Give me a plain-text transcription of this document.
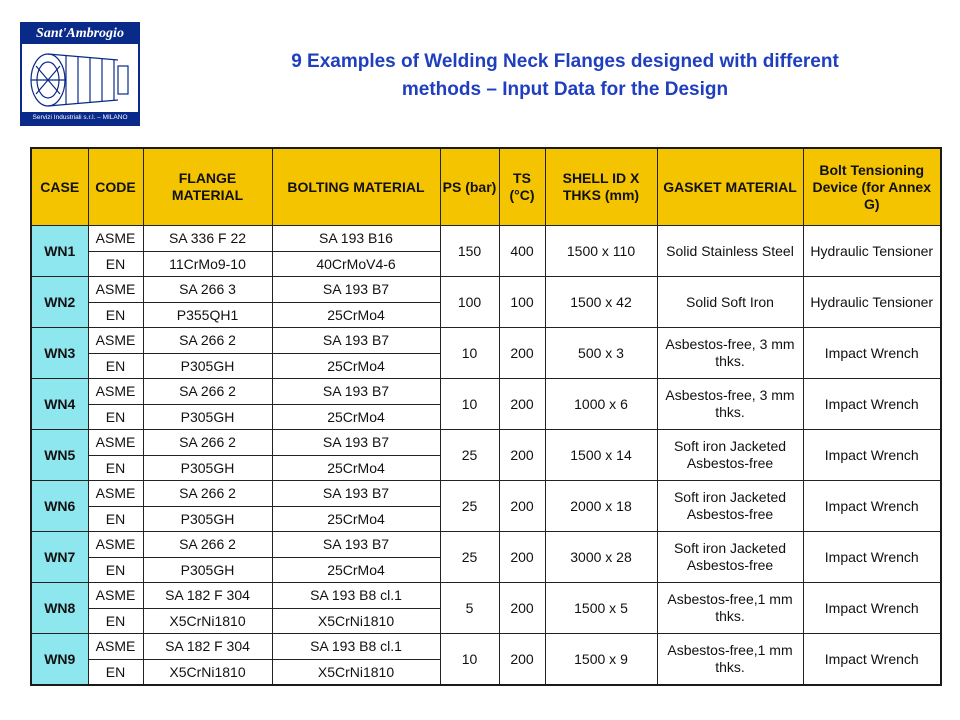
Sant'Ambrogio
Servizi Industriali s.r.l. – MILANO
9 Examples of Welding Neck Flanges designed with different
methods – Input Data for the Design
CASE	CODE	FLANGE MATERIAL	BOLTING MATERIAL	PS (bar)	TS (°C)	SHELL ID X THKS (mm)	GASKET MATERIAL	Bolt Tensioning Device (for Annex G)
WN1	ASME	SA 336 F 22	SA 193 B16	150	400	1500 x 110	Solid Stainless Steel	Hydraulic Tensioner
	EN	11CrMo9-10	40CrMoV4-6					
WN2	ASME	SA 266 3	SA 193 B7	100	100	1500 x 42	Solid Soft Iron	Hydraulic Tensioner
	EN	P355QH1	25CrMo4					
WN3	ASME	SA 266 2	SA 193 B7	10	200	500 x 3	Asbestos-free, 3 mm thks.	Impact Wrench
	EN	P305GH	25CrMo4					
WN4	ASME	SA 266 2	SA 193 B7	10	200	1000 x 6	Asbestos-free, 3 mm thks.	Impact Wrench
	EN	P305GH	25CrMo4					
WN5	ASME	SA 266 2	SA 193 B7	25	200	1500 x 14	Soft iron Jacketed Asbestos-free	Impact Wrench
	EN	P305GH	25CrMo4					
WN6	ASME	SA 266 2	SA 193 B7	25	200	2000 x 18	Soft iron Jacketed Asbestos-free	Impact Wrench
	EN	P305GH	25CrMo4					
WN7	ASME	SA 266 2	SA 193 B7	25	200	3000 x 28	Soft iron Jacketed Asbestos-free	Impact Wrench
	EN	P305GH	25CrMo4					
WN8	ASME	SA 182 F 304	SA 193 B8 cl.1	5	200	1500 x 5	Asbestos-free,1 mm thks.	Impact Wrench
	EN	X5CrNi1810	X5CrNi1810					
WN9	ASME	SA 182 F 304	SA 193 B8 cl.1	10	200	1500 x 9	Asbestos-free,1 mm thks.	Impact Wrench
	EN	X5CrNi1810	X5CrNi1810					
